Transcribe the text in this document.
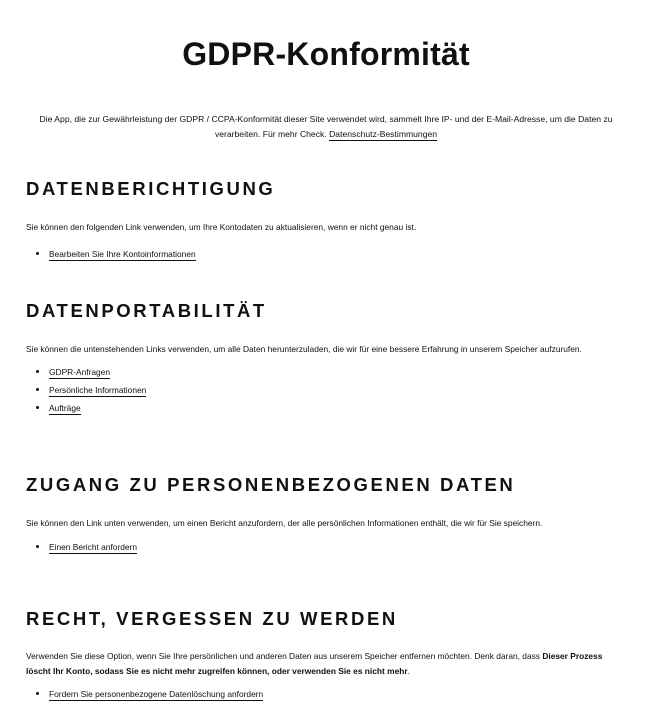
GDPR-Konformität

Die App, die zur Gewährleistung der GDPR / CCPA-Konformität dieser Site verwendet wird, sammelt Ihre IP- und der E-Mail-Adresse, um die Daten zu verarbeiten. Für mehr Check. Datenschutz-Bestimmungen

DATENBERICHTIGUNG

Sie können den folgenden Link verwenden, um Ihre Kontodaten zu aktualisieren, wenn er nicht genau ist.

Bearbeiten Sie Ihre Kontoinformationen
DATENPORTABILITÄT

Sie können die untenstehenden Links verwenden, um alle Daten herunterzuladen, die wir für eine bessere Erfahrung in unserem Speicher aufzurufen.

GDPR-Anfragen
Persönliche Informationen
Aufträge
ZUGANG ZU PERSONENBEZOGENEN DATEN

Sie können den Link unten verwenden, um einen Bericht anzufordern, der alle persönlichen Informationen enthält, die wir für Sie speichern.

Einen Bericht anfordern
RECHT, VERGESSEN ZU WERDEN

Verwenden Sie diese Option, wenn Sie Ihre persönlichen und anderen Daten aus unserem Speicher entfernen möchten. Denk daran, dass Dieser Prozess löscht Ihr Konto, sodass Sie es nicht mehr zugreifen können, oder verwenden Sie es nicht mehr.

Fordern Sie personenbezogene Datenlöschung anfordern
